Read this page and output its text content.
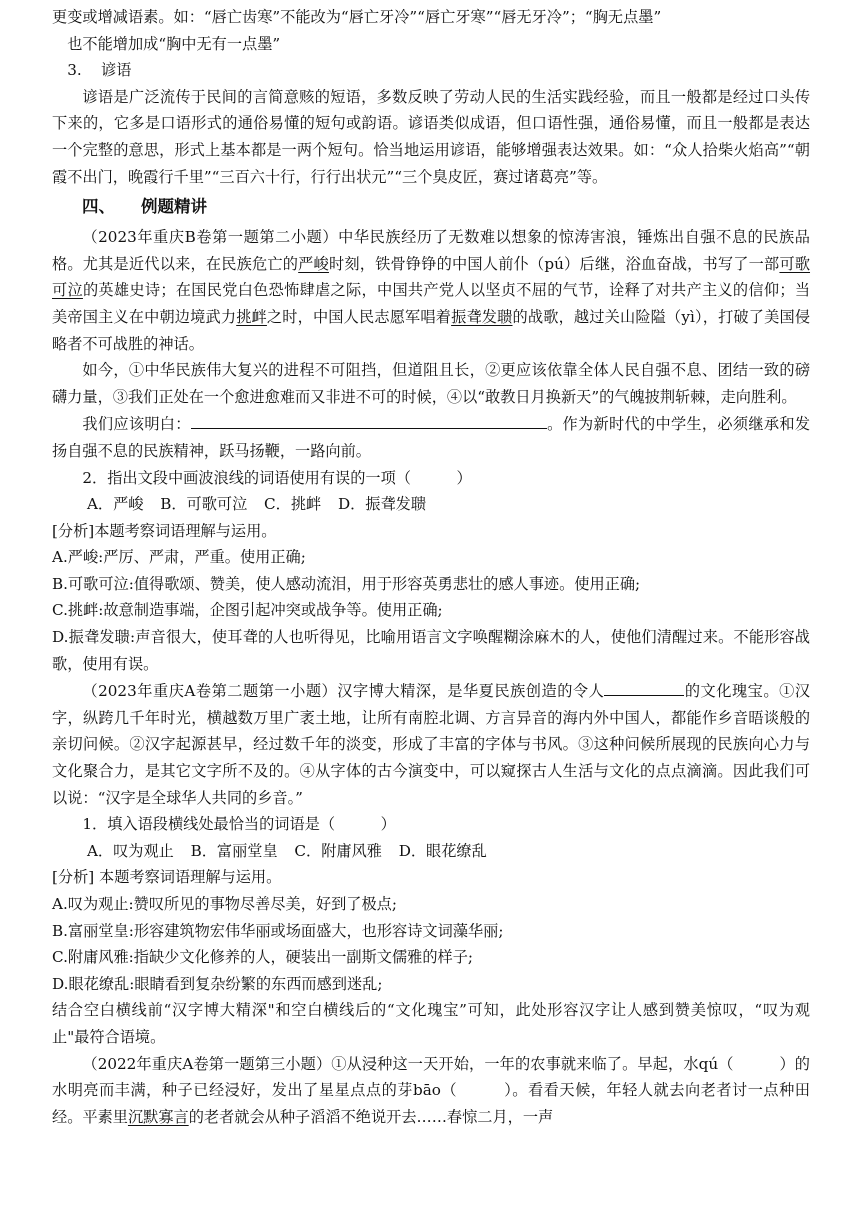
更变或增减语素。如：“唇亡齿寒”不能改为“唇亡牙冷”“唇亡牙寒”“唇无牙冷”；“胸无点墨”

也不能增加成“胸中无有一点墨”

3. 谚语

谚语是广泛流传于民间的言简意赅的短语，多数反映了劳动人民的生活实践经验，而且一般都是经过口头传下来的，它多是口语形式的通俗易懂的短句或韵语。谚语类似成语，但口语性强，通俗易懂，而且一般都是表达一个完整的意思，形式上基本都是一两个短句。恰当地运用谚语，能够增强表达效果。如：“众人拾柴火焰高”“朝霞不出门，晚霞行千里”“三百六十行，行行出状元”“三个臭皮匠，赛过诸葛亮”等。

四、 例题精讲

（2023年重庆B卷第一题第二小题）中华民族经历了无数难以想象的惊涛害浪，锤炼出自强不息的民族品格。尤其是近代以来，在民族危亡的严峻时刻，铁骨铮铮的中国人前仆（pú）后继，浴血奋战，书写了一部可歌可泣的英雄史诗；在国民党白色恐怖肆虐之际，中国共产党人以坚贞不屈的气节，诠释了对共产主义的信仰；当美帝国主义在中朝边境武力挑衅之时，中国人民志愿军唱着振聋发聩的战歌，越过关山险隘（yì），打破了美国侵略者不可战胜的神话。

如今，①中华民族伟大复兴的进程不可阻挡，但道阻且长，②更应该依靠全体人民自强不息、团结一致的磅礴力量，③我们正处在一个愈进愈难而又非进不可的时候，④以“敢教日月换新天”的气魄披荆斩棘，走向胜利。

我们应该明白：	。作为新时代的中学生，必须继承和发扬自强不息的民族精神，跃马扬鞭，一路向前。

2．指出文段中画波浪线的词语使用有误的一项（　　　）

A．严峻 B．可歌可泣 C．挑衅 D．振聋发聩

[分析]本题考察词语理解与运用。

A.严峻:严厉、严肃，严重。使用正确;

B.可歌可泣:值得歌颂、赞美，使人感动流泪，用于形容英勇悲壮的感人事迹。使用正确;

C.挑衅:故意制造事端，企图引起冲突或战争等。使用正确;

D.振聋发聩:声音很大，使耳聋的人也听得见，比喻用语言文字唤醒糊涂麻木的人，使他们清醒过来。不能形容战歌，使用有误。

（2023年重庆A卷第二题第一小题）汉字博大精深，是华夏民族创造的令人	的文化瑰宝。①汉字，纵跨几千年时光，横越数万里广袤土地，让所有南腔北调、方言异音的海内外中国人，都能作乡音晤谈般的亲切问候。②汉字起源甚早，经过数千年的淡变，形成了丰富的字体与书风。③这种问候所展现的民族向心力与文化聚合力，是其它文字所不及的。④从字体的古今演变中，可以窥探古人生活与文化的点点滴滴。因此我们可以说：“汉字是全球华人共同的乡音。”

1．填入语段横线处最恰当的词语是（　　　）

A．叹为观止 B．富丽堂皇 C．附庸风雅 D．眼花缭乱

[分析] 本题考察词语理解与运用。

A.叹为观止:赞叹所见的事物尽善尽美，好到了极点;

B.富丽堂皇:形容建筑物宏伟华丽或场面盛大，也形容诗文词藻华丽;

C.附庸风雅:指缺少文化修养的人，硬装出一副斯文儒雅的样子;

D.眼花缭乱:眼睛看到复杂纷繁的东西而感到迷乱;

结合空白横线前“汉字博大精深"和空白横线后的“文化瑰宝”可知，此处形容汉字让人感到赞美惊叹，“叹为观止"最符合语境。

（2022年重庆A卷第一题第三小题）①从浸种这一天开始，一年的农事就来临了。早起，水qú（　　　）的水明亮而丰满，种子已经浸好，发出了星星点点的芽bāo（　　　）。看看天候，年轻人就去向老者讨一点种田经。平素里沉默寡言的老者就会从种子滔滔不绝说开去……春惊二月，一声
